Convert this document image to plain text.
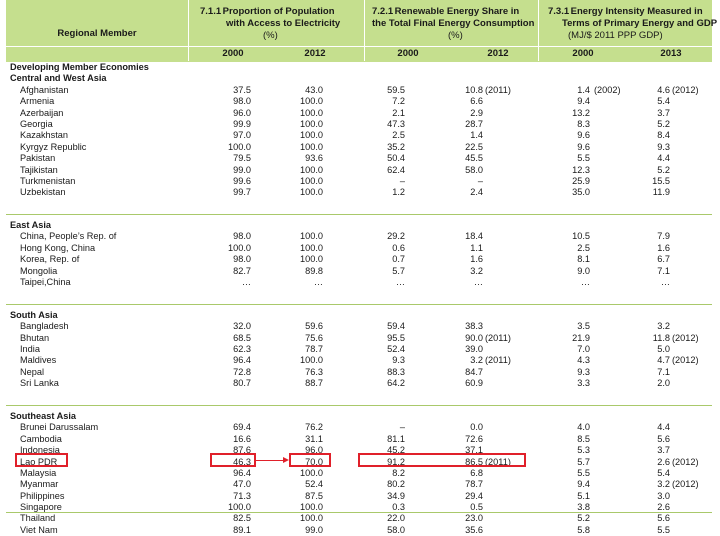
Regional Member
7.1.1 Proportion of Population
with Access to Electricity
(%)
7.2.1 Renewable Energy Share in
the Total Final Energy Consumption
(%)
7.3.1 Energy Intensity Measured in
Terms of Primary Energy and GDP
(MJ/$ 2011 PPP GDP)
2000	2012	2000	2012	2000	2013
Developing Member Economies
Central and West Asia
Afghanistan	37.5	43.0	59.5	10.8 (2011)	1.4 (2002)	4.6 (2012)
Armenia	98.0	100.0	7.2	6.6	9.4	5.4
Azerbaijan	96.0	100.0	2.1	2.9	13.2	3.7
Georgia	99.9	100.0	47.3	28.7	8.3	5.2
Kazakhstan	97.0	100.0	2.5	1.4	9.6	8.4
Kyrgyz Republic	100.0	100.0	35.2	22.5	9.6	9.3
Pakistan	79.5	93.6	50.4	45.5	5.5	4.4
Tajikistan	99.0	100.0	62.4	58.0	12.3	5.2
Turkmenistan	99.6	100.0	–	–	25.9	15.5
Uzbekistan	99.7	100.0	1.2	2.4	35.0	11.9
East Asia
China, People’s Rep. of	98.0	100.0	29.2	18.4	10.5	7.9
Hong Kong, China	100.0	100.0	0.6	1.1	2.5	1.6
Korea, Rep. of	98.0	100.0	0.7	1.6	8.1	6.7
Mongolia	82.7	89.8	5.7	3.2	9.0	7.1
Taipei,China	…	…	…	…	…	…
South Asia
Bangladesh	32.0	59.6	59.4	38.3	3.5	3.2
Bhutan	68.5	75.6	95.5	90.0 (2011)	21.9	11.8 (2012)
India	62.3	78.7	52.4	39.0	7.0	5.0
Maldives	96.4	100.0	9.3	3.2 (2011)	4.3	4.7 (2012)
Nepal	72.8	76.3	88.3	84.7	9.3	7.1
Sri Lanka	80.7	88.7	64.2	60.9	3.3	2.0
Southeast Asia
Brunei Darussalam	69.4	76.2	–	0.0	4.0	4.4
Cambodia	16.6	31.1	81.1	72.6	8.5	5.6
Indonesia	87.6	96.0	45.2	37.1	5.3	3.7
Lao PDR	46.3	70.0	91.2	86.5 (2011)	5.7	2.6 (2012)
Malaysia	96.4	100.0	8.2	6.8	5.5	5.4
Myanmar	47.0	52.4	80.2	78.7	9.4	3.2 (2012)
Philippines	71.3	87.5	34.9	29.4	5.1	3.0
Singapore	100.0	100.0	0.3	0.5	3.8	2.6
Thailand	82.5	100.0	22.0	23.0	5.2	5.6
Viet Nam	89.1	99.0	58.0	35.6	5.8	5.5
